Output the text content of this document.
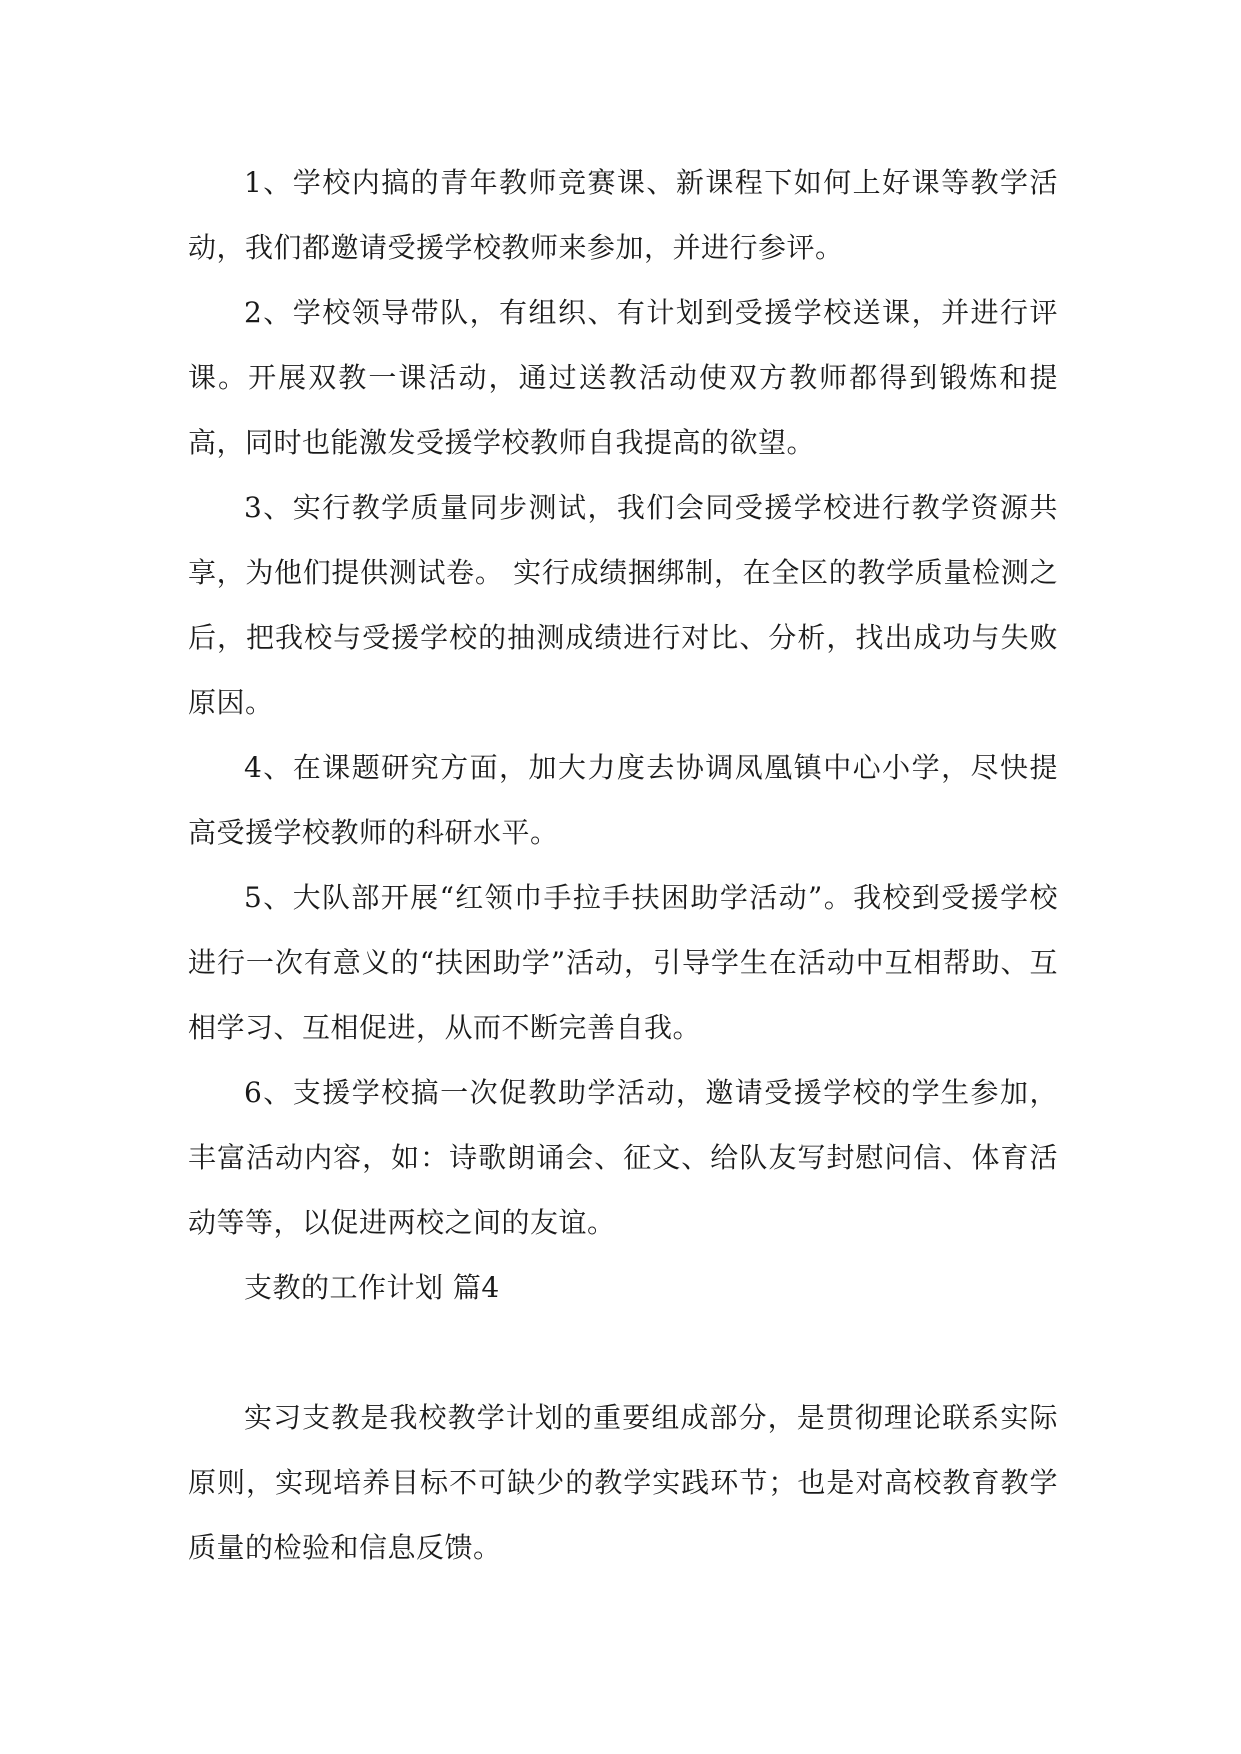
1、学校内搞的青年教师竞赛课、新课程下如何上好课等教学活动，我们都邀请受援学校教师来参加，并进行参评。

2、学校领导带队，有组织、有计划到受援学校送课，并进行评课。开展双教一课活动，通过送教活动使双方教师都得到锻炼和提高，同时也能激发受援学校教师自我提高的欲望。

3、实行教学质量同步测试，我们会同受援学校进行教学资源共享，为他们提供测试卷。 实行成绩捆绑制，在全区的教学质量检测之后，把我校与受援学校的抽测成绩进行对比、分析，找出成功与失败原因。

4、在课题研究方面，加大力度去协调凤凰镇中心小学，尽快提高受援学校教师的科研水平。

5、大队部开展“红领巾手拉手扶困助学活动”。我校到受援学校进行一次有意义的“扶困助学”活动，引导学生在活动中互相帮助、互相学习、互相促进，从而不断完善自我。

6、支援学校搞一次促教助学活动，邀请受援学校的学生参加，丰富活动内容，如：诗歌朗诵会、征文、给队友写封慰问信、体育活动等等，以促进两校之间的友谊。

支教的工作计划 篇4

实习支教是我校教学计划的重要组成部分，是贯彻理论联系实际原则，实现培养目标不可缺少的教学实践环节；也是对高校教育教学质量的检验和信息反馈。
